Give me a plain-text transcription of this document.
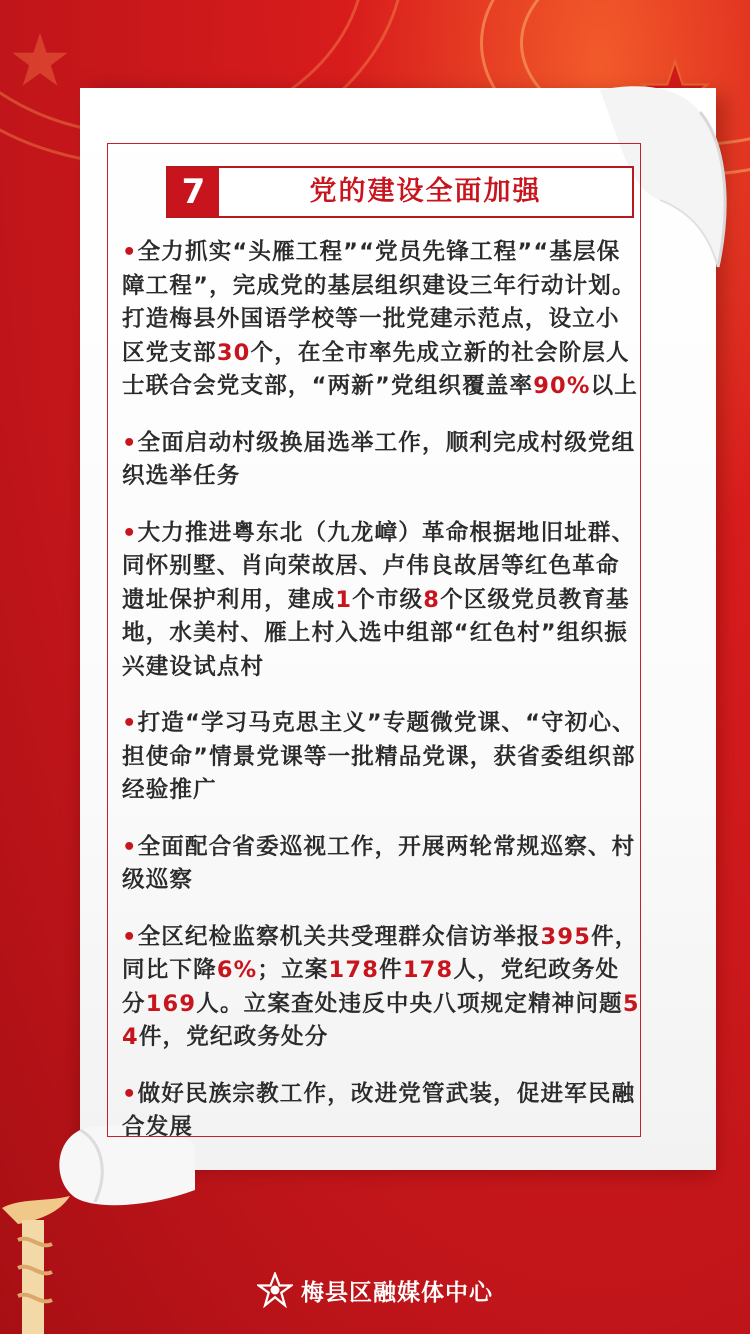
7	党的建设全面加强
•全力抓实“头雁工程”“党员先锋工程”“基层保障工程”，完成党的基层组织建设三年行动计划。打造梅县外国语学校等一批党建示范点，设立小区党支部30个，在全市率先成立新的社会阶层人士联合会党支部，“两新”党组织覆盖率90%以上
•全面启动村级换届选举工作，顺利完成村级党组织选举任务
•大力推进粤东北（九龙嶂）革命根据地旧址群、同怀别墅、肖向荣故居、卢伟良故居等红色革命遗址保护利用，建成1个市级8个区级党员教育基地，水美村、雁上村入选中组部“红色村”组织振兴建设试点村
•打造“学习马克思主义”专题微党课、“守初心、担使命”情景党课等一批精品党课，获省委组织部经验推广
•全面配合省委巡视工作，开展两轮常规巡察、村级巡察
•全区纪检监察机关共受理群众信访举报395件，同比下降6%；立案178件178人，党纪政务处分169人。立案查处违反中央八项规定精神问题54件，党纪政务处分
•做好民族宗教工作，改进党管武装，促进军民融合发展
梅县区融媒体中心
